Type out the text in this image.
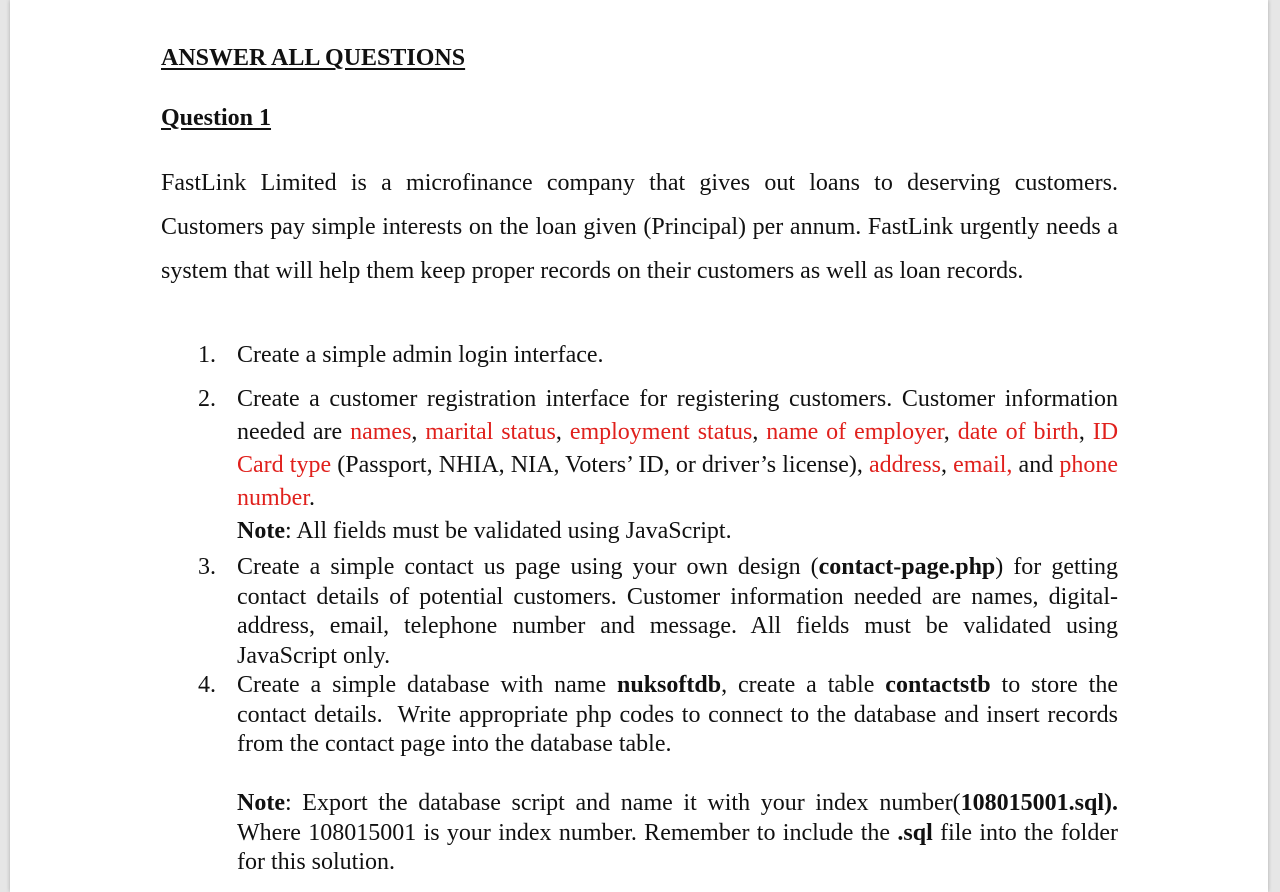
ANSWER ALL QUESTIONS
Question 1

FastLink Limited is a microfinance company that gives out loans to deserving customers. Customers pay simple interests on the loan given (Principal) per annum. FastLink urgently needs a system that will help them keep proper records on their customers as well as loan records.

1. Create a simple admin login interface.

2. Create a customer registration interface for registering customers. Customer information needed are names, marital status, employment status, name of employer, date of birth, ID Card type (Passport, NHIA, NIA, Voters’ ID, or driver’s license), address, email, and phone number.
Note: All fields must be validated using JavaScript.

3. Create a simple contact us page using your own design (contact-page.php) for getting contact details of potential customers. Customer information needed are names, digital-address, email, telephone number and message. All fields must be validated using JavaScript only.

4. Create a simple database with name nuksoftdb, create a table contactstb to store the contact details.  Write appropriate php codes to connect to the database and insert records from the contact page into the database table.

Note: Export the database script and name it with your index number(108015001.sql). Where 108015001 is your index number. Remember to include the .sql file into the folder for this solution.
